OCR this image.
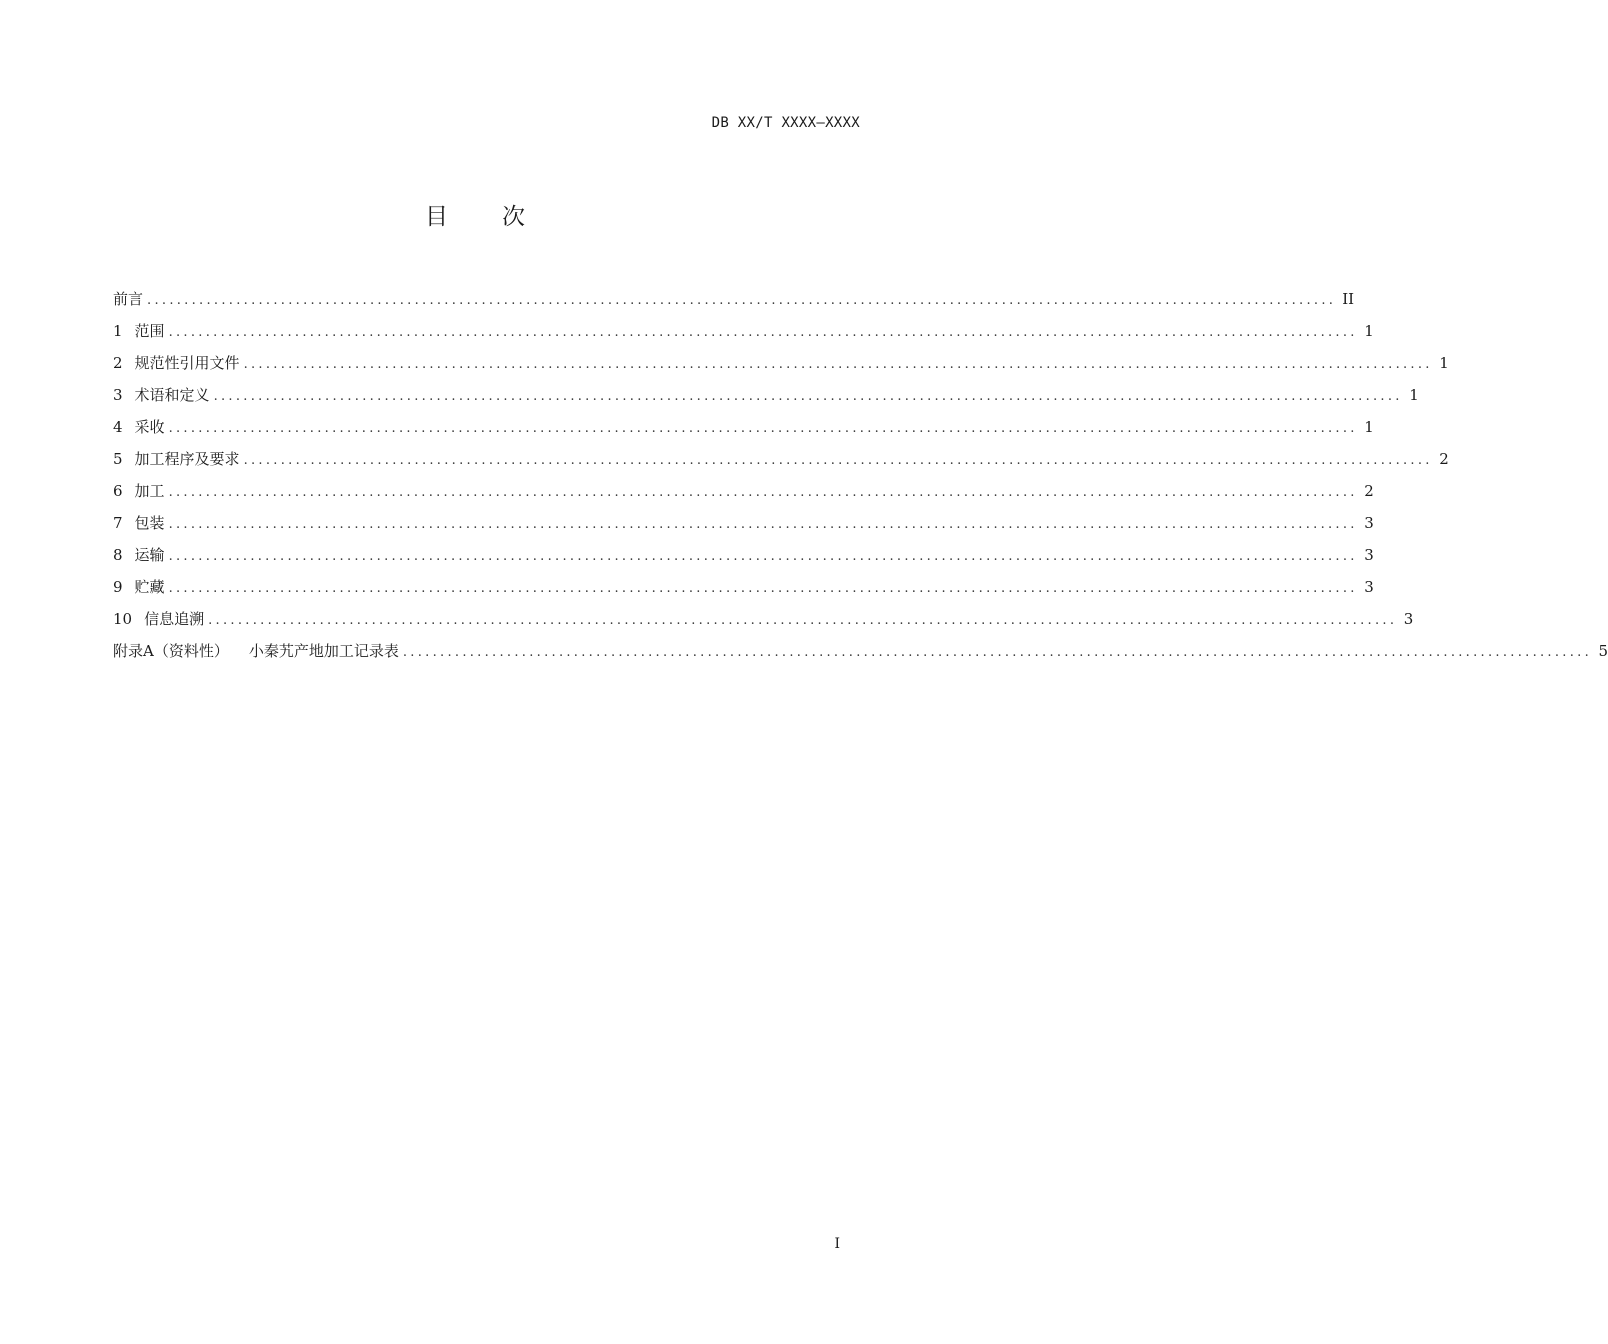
DB XX/T XXXX—XXXX
目 次
前言 ................................................................................................................................................................ II
1 范围 ................................................................................................................................................................ 1
2 规范性引用文件 ................................................................................................................................................................ 1
3 术语和定义 ................................................................................................................................................................ 1
4 采收 ................................................................................................................................................................ 1
5 加工程序及要求 ................................................................................................................................................................ 2
6 加工 ................................................................................................................................................................ 2
7 包装 ................................................................................................................................................................ 3
8 运输 ................................................................................................................................................................ 3
9 贮藏 ................................................................................................................................................................ 3
10 信息追溯 ................................................................................................................................................................ 3
附录A（资料性） 小秦艽产地加工记录表 ................................................................................................................................................................ 5
I
